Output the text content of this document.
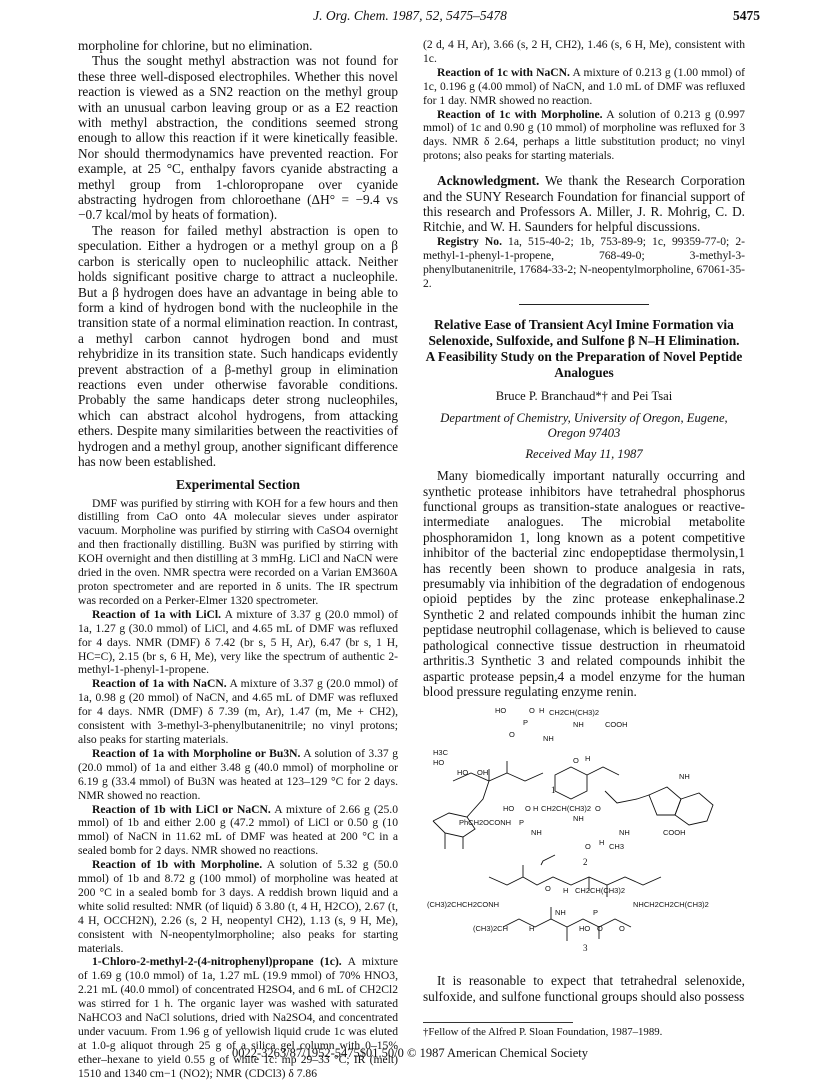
J. Org. Chem. 1987, 52, 5475–5478	5475

morpholine for chlorine, but no elimination.

Thus the sought methyl abstraction was not found for these three well-disposed electrophiles. Whether this novel reaction is viewed as a SN2 reaction on the methyl group with an unusual carbon leaving group or as a E2 reaction with methyl abstraction, the conditions seemed strong enough to allow this reaction if it were kinetically feasible. Nor should thermodynamics have prevented reaction. For example, at 25 °C, enthalpy favors cyanide abstracting a methyl group from 1-chloropropane over cyanide abstracting hydrogen from chloroethane (ΔH° = −9.4 vs −0.7 kcal/mol by heats of formation).

The reason for failed methyl abstraction is open to speculation. Either a hydrogen or a methyl group on a β carbon is sterically open to nucleophilic attack. Neither holds significant positive charge to attract a nucleophile. But a β hydrogen does have an advantage in being able to form a kind of hydrogen bond with the nucleophile in the transition state of a normal elimination reaction. In contrast, a methyl carbon cannot hydrogen bond and must rehybridize in its transition state. Such handicaps evidently prevent abstraction of a β-methyl group in elimination reactions even under otherwise favorable conditions. Probably the same handicaps deter strong nucleophiles, which can abstract alcohol hydrogens, from attacking ethers. Despite many similarities between the reactivities of hydrogen and a methyl group, another significant difference has now been established.

Experimental Section

DMF was purified by stirring with KOH for a few hours and then distilling from CaO onto 4A molecular sieves under aspirator vacuum. Morpholine was purified by stirring with CaSO4 overnight and then fractionally distilling. Bu3N was purified by stirring with KOH overnight and then distilling at 3 mmHg. LiCl and NaCN were dried in the oven. NMR spectra were recorded on a Varian EM360A proton spectrometer and are reported in δ units. The IR spectrum was recorded on a Perker-Elmer 1320 spectrometer.

Reaction of 1a with LiCl. A mixture of 3.37 g (20.0 mmol) of 1a, 1.27 g (30.0 mmol) of LiCl, and 4.65 mL of DMF was refluxed for 4 days. NMR (DMF) δ 7.42 (br s, 5 H, Ar), 6.47 (br s, 1 H, HC=C), 2.15 (br s, 6 H, Me), very like the spectrum of authentic 2-methyl-1-phenyl-1-propene.

Reaction of 1a with NaCN. A mixture of 3.37 g (20.0 mmol) of 1a, 0.98 g (20 mmol) of NaCN, and 4.65 mL of DMF was refluxed for 4 days. NMR (DMF) δ 7.39 (m, Ar), 1.47 (m, Me + CH2), consistent with 3-methyl-3-phenylbutanenitrile; no vinyl protons; also peaks for starting materials.

Reaction of 1a with Morpholine or Bu3N. A solution of 3.37 g (20.0 mmol) of 1a and either 3.48 g (40.0 mmol) of morpholine or 6.19 g (33.4 mmol) of Bu3N was heated at 123–129 °C for 2 days. NMR showed no reaction.

Reaction of 1b with LiCl or NaCN. A mixture of 2.66 g (25.0 mmol) of 1b and either 2.00 g (47.2 mmol) of LiCl or 0.50 g (10 mmol) of NaCN in 11.62 mL of DMF was heated at 200 °C in a sealed bomb for 2 days. NMR showed no reactions.

Reaction of 1b with Morpholine. A solution of 5.32 g (50.0 mmol) of 1b and 8.72 g (100 mmol) of morpholine was heated at 200 °C in a sealed bomb for 3 days. A reddish brown liquid and a white solid resulted: NMR (of liquid) δ 3.80 (t, 4 H, H2CO), 2.67 (t, 4 H, OCCH2N), 2.26 (s, 2 H, neopentyl CH2), 1.13 (s, 9 H, Me), consistent with N-neopentylmorpholine; also peaks for starting materials.

1-Chloro-2-methyl-2-(4-nitrophenyl)propane (1c). A mixture of 1.69 g (10.0 mmol) of 1a, 1.27 mL (19.9 mmol) of 70% HNO3, 2.21 mL (40.0 mmol) of concentrated H2SO4, and 6 mL of CH2Cl2 was stirred for 1 h. The organic layer was washed with saturated NaHCO3 and NaCl solutions, dried with Na2SO4, and concentrated under vacuum. From 1.96 g of yellowish liquid crude 1c was eluted at 1.0-g aliquot through 25 g of a silica gel column with 0–15% ether–hexane to yield 0.55 g of white 1c: mp 29–33 °C; IR (melt) 1510 and 1340 cm−1 (NO2); NMR (CDCl3) δ 7.86

(2 d, 4 H, Ar), 3.66 (s, 2 H, CH2), 1.46 (s, 6 H, Me), consistent with 1c.

Reaction of 1c with NaCN. A mixture of 0.213 g (1.00 mmol) of 1c, 0.196 g (4.00 mmol) of NaCN, and 1.0 mL of DMF was refluxed for 1 day. NMR showed no reaction.

Reaction of 1c with Morpholine. A solution of 0.213 g (0.997 mmol) of 1c and 0.90 g (10 mmol) of morpholine was refluxed for 3 days. NMR δ 2.64, perhaps a little substitution product; no vinyl protons; also peaks for starting materials.

Acknowledgment. We thank the Research Corporation and the SUNY Research Foundation for financial support of this research and Professors A. Miller, J. R. Mohrig, C. D. Ritchie, and W. H. Saunders for helpful discussions.

Registry No. 1a, 515-40-2; 1b, 753-89-9; 1c, 99359-77-0; 2-methyl-1-phenyl-1-propene, 768-49-0; 3-methyl-3-phenylbutanenitrile, 17684-33-2; N-neopentylmorpholine, 67061-35-2.

Relative Ease of Transient Acyl Imine Formation via Selenoxide, Sulfoxide, and Sulfone β N–H Elimination. A Feasibility Study on the Preparation of Novel Peptide Analogues
Bruce P. Branchaud*† and Pei Tsai
Department of Chemistry, University of Oregon, Eugene, Oregon 97403
Received May 11, 1987

Many biomedically important naturally occurring and synthetic protease inhibitors have tetrahedral phosphorus functional groups as transition-state analogues or reactive-intermediate analogues. The microbial metabolite phosphoramidon 1, long known as a potent competitive inhibitor of the bacterial zinc endopeptidase thermolysin,1 has recently been shown to produce analgesia in rats, presumably via inhibition of the degradation of endogenous opioid peptides by the zinc protease enkephalinase.2 Synthetic 2 and related compounds inhibit the human zinc peptidase neutrophil collagenase, which is believed to cause pathological connective tissue destruction in rheumatoid arthritis.3 Synthetic 3 and related compounds inhibit the aspartic protease pepsin,4 a model enzyme for the human blood pressure regulating enzyme renin.

HO	O H CH2CH(CH3)2
P	NH	COOH
O	NH
O H
H3C
HO
HO OH	NH
1
HO O H CH2CH(CH3)2 O
PhCH2OCONH P	NH
NH	NH	COOH
O H CH3
2
O H CH2CH(CH3)2
(CH3)2CHCH2CONH
NH	P
NHCH2CH2CH(CH3)2
(CH3)2CH	H	HO O O
3

It is reasonable to expect that tetrahedral selenoxide, sulfoxide, and sulfone functional groups should also possess

†Fellow of the Alfred P. Sloan Foundation, 1987–1989.
0022-3263/87/1952-5475$01.50/0 © 1987 American Chemical Society
